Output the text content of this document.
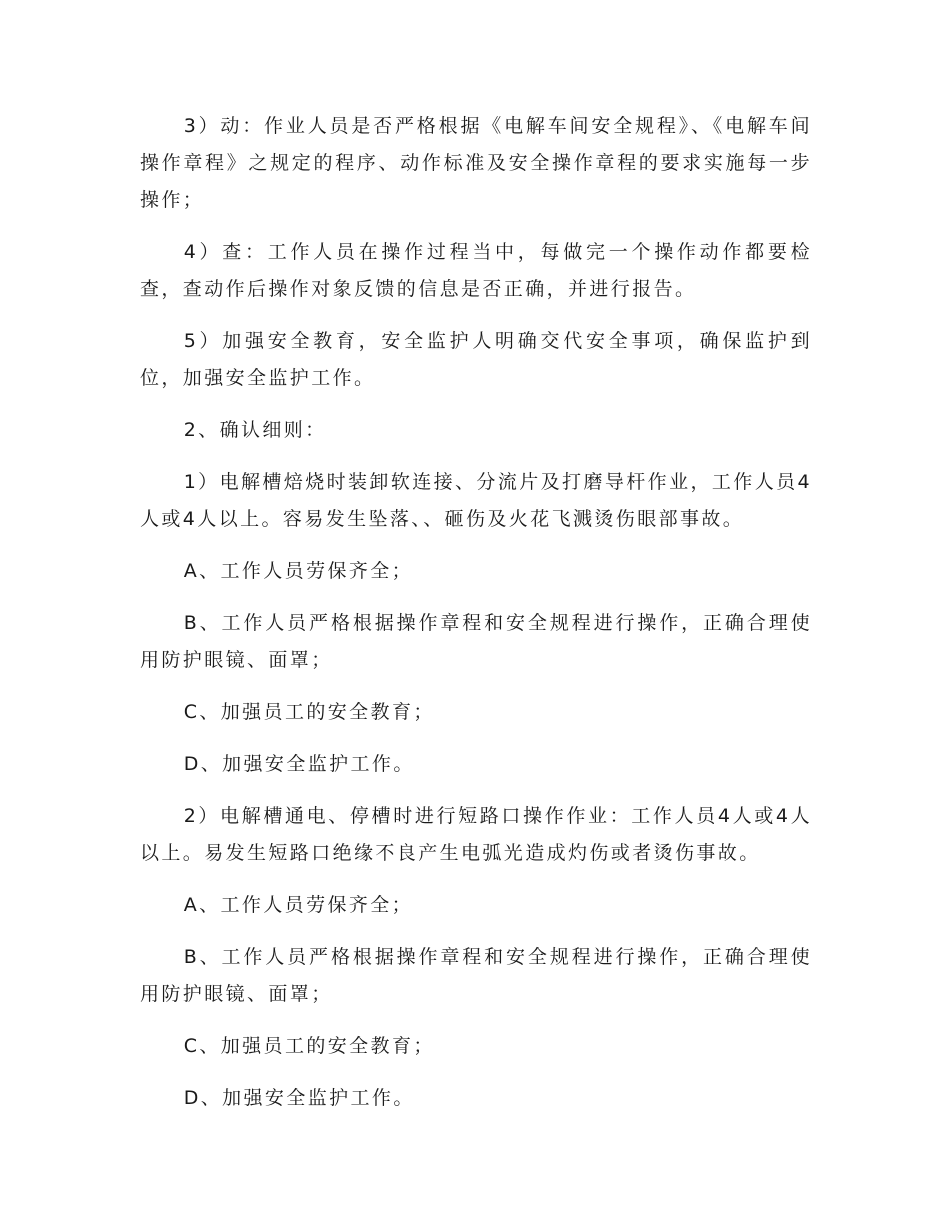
3）动：作业人员是否严格根据《电解车间安全规程》、《电解车间操作章程》之规定的程序、动作标准及安全操作章程的要求实施每一步操作；

4）查：工作人员在操作过程当中，每做完一个操作动作都要检查，查动作后操作对象反馈的信息是否正确，并进行报告。

5）加强安全教育，安全监护人明确交代安全事项，确保监护到位，加强安全监护工作。

2、确认细则：

1）电解槽焙烧时装卸软连接、分流片及打磨导杆作业，工作人员4人或4人以上。容易发生坠落、、砸伤及火花飞溅烫伤眼部事故。

A、工作人员劳保齐全；

B、工作人员严格根据操作章程和安全规程进行操作，正确合理使用防护眼镜、面罩；

C、加强员工的安全教育；

D、加强安全监护工作。

2）电解槽通电、停槽时进行短路口操作作业：工作人员4人或4人以上。易发生短路口绝缘不良产生电弧光造成灼伤或者烫伤事故。

A、工作人员劳保齐全；

B、工作人员严格根据操作章程和安全规程进行操作，正确合理使用防护眼镜、面罩；

C、加强员工的安全教育；

D、加强安全监护工作。
